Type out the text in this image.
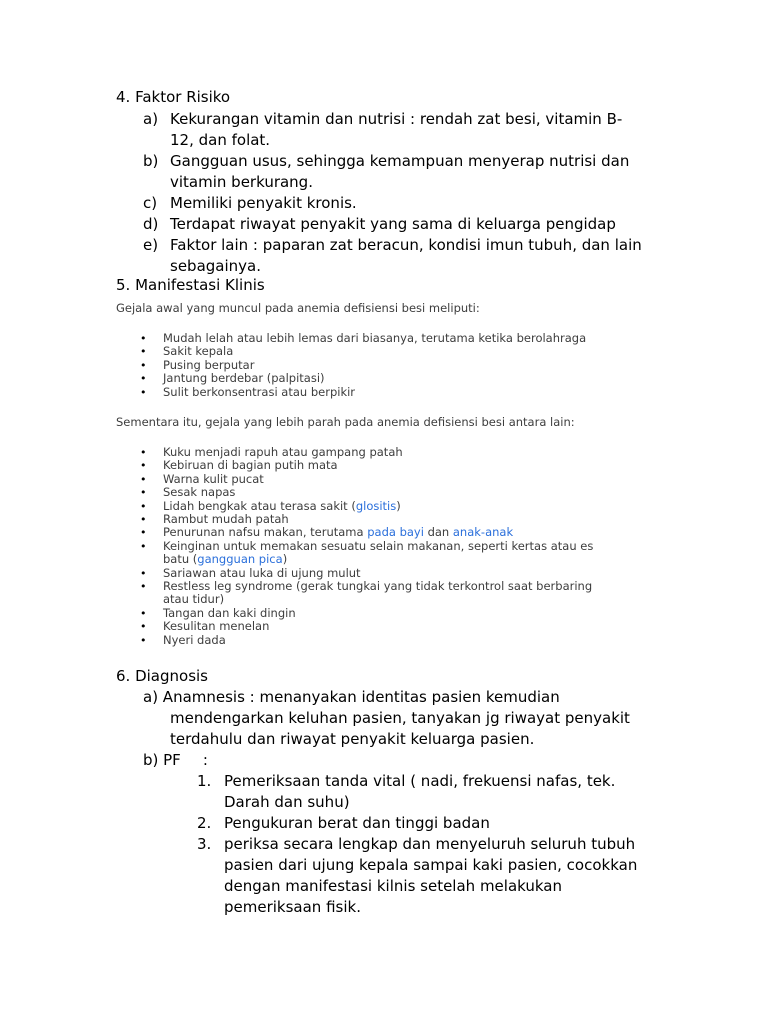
4. Faktor Risiko
a) Kekurangan vitamin dan nutrisi : rendah zat besi, vitamin B-12, dan folat.
b) Gangguan usus, sehingga kemampuan menyerap nutrisi dan vitamin berkurang.
c) Memiliki penyakit kronis.
d) Terdapat riwayat penyakit yang sama di keluarga pengidap
e) Faktor lain : paparan zat beracun, kondisi imun tubuh, dan lain sebagainya.
5. Manifestasi Klinis
Gejala awal yang muncul pada anemia defisiensi besi meliputi:
• Mudah lelah atau lebih lemas dari biasanya, terutama ketika berolahraga
• Sakit kepala
• Pusing berputar
• Jantung berdebar (palpitasi)
• Sulit berkonsentrasi atau berpikir
Sementara itu, gejala yang lebih parah pada anemia defisiensi besi antara lain:
• Kuku menjadi rapuh atau gampang patah
• Kebiruan di bagian putih mata
• Warna kulit pucat
• Sesak napas
• Lidah bengkak atau terasa sakit (glositis)
• Rambut mudah patah
• Penurunan nafsu makan, terutama pada bayi dan anak-anak
• Keinginan untuk memakan sesuatu selain makanan, seperti kertas atau es
batu (gangguan pica)
• Sariawan atau luka di ujung mulut
• Restless leg syndrome (gerak tungkai yang tidak terkontrol saat berbaring
atau tidur)
• Tangan dan kaki dingin
• Kesulitan menelan
• Nyeri dada
6. Diagnosis
a) Anamnesis : menanyakan identitas pasien kemudian mendengarkan keluhan pasien, tanyakan jg riwayat penyakit terdahulu dan riwayat penyakit keluarga pasien.
b) PF :
1. Pemeriksaan tanda vital ( nadi, frekuensi nafas, tek. Darah dan suhu)
2. Pengukuran berat dan tinggi badan
3. periksa secara lengkap dan menyeluruh seluruh tubuh pasien dari ujung kepala sampai kaki pasien, cocokkan dengan manifestasi kilnis setelah melakukan pemeriksaan fisik.
